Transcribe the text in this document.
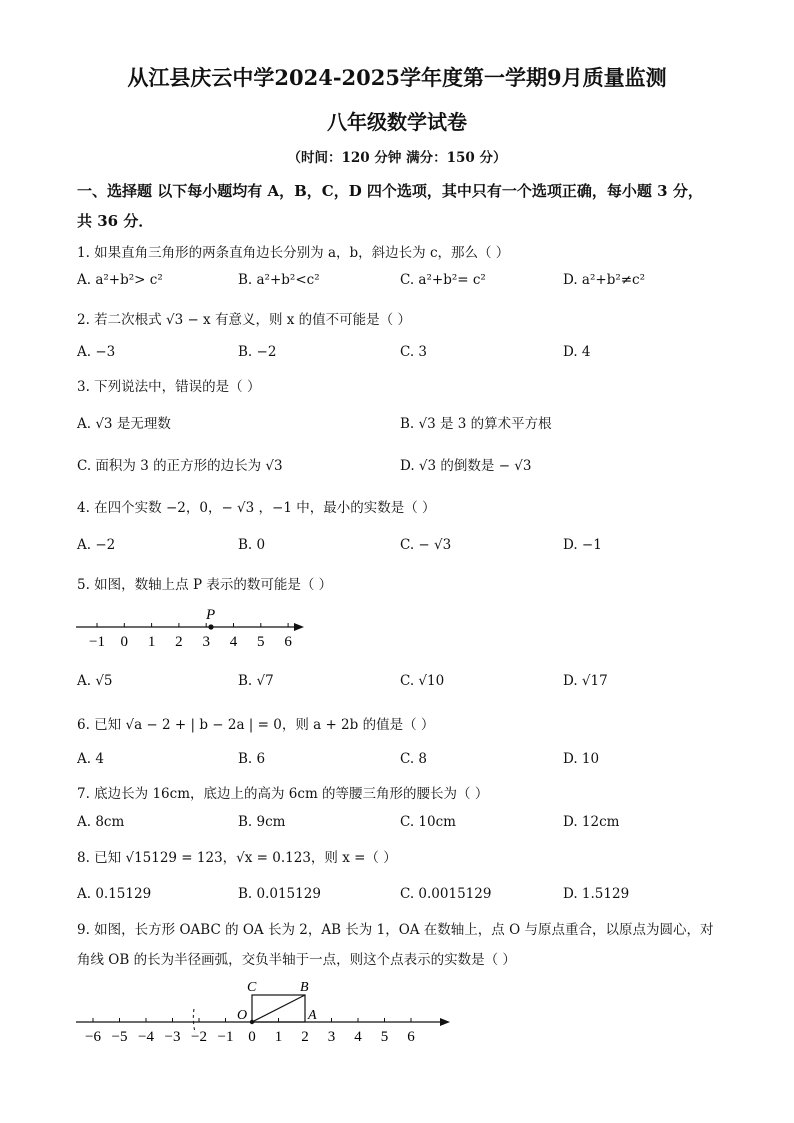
从江县庆云中学2024-2025学年度第一学期9月质量监测
八年级数学试卷
（时间：120 分钟 满分：150 分）
一、选择题 以下每小题均有 A，B，C，D 四个选项，其中只有一个选项正确，每小题 3 分，
共 36 分．
1. 如果直角三角形的两条直角边长分别为 a，b，斜边长为 c，那么（ ）
A. a²+b²> c²	B. a²+b²<c²	C. a²+b²= c²	D. a²+b²≠c²
2. 若二次根式 √3 − x 有意义，则 x 的值不可能是（ ）
A. −3	B. −2	C. 3	D. 4
3. 下列说法中，错误的是（ ）
A. √3 是无理数	B. √3 是 3 的算术平方根
C. 面积为 3 的正方形的边长为 √3	D. √3 的倒数是 − √3
4. 在四个实数 −2，0，− √3 ，−1 中，最小的实数是（ ）
A. −2	B. 0	C. − √3	D. −1
5. 如图，数轴上点 P 表示的数可能是（ ）
−1 0 1 2 3 4 5 6
P
A. √5	B. √7	C. √10	D. √17
6. 已知 √a − 2 + | b − 2a | = 0，则 a + 2b 的值是（ ）
A. 4	B. 6	C. 8	D. 10
7. 底边长为 16cm，底边上的高为 6cm 的等腰三角形的腰长为（ ）
A. 8cm	B. 9cm	C. 10cm	D. 12cm
8. 已知 √15129 = 123，√x = 0.123，则 x =（ ）
A. 0.15129	B. 0.015129	C. 0.0015129	D. 1.5129
9. 如图，长方形 OABC 的 OA 长为 2，AB 长为 1，OA 在数轴上，点 O 与原点重合，以原点为圆心，对
角线 OB 的长为半径画弧，交负半轴于一点，则这个点表示的实数是（ ）
−6 −5 −4 −3 −2 −1 0 1 2 3 4 5 6
C	B
O	A
